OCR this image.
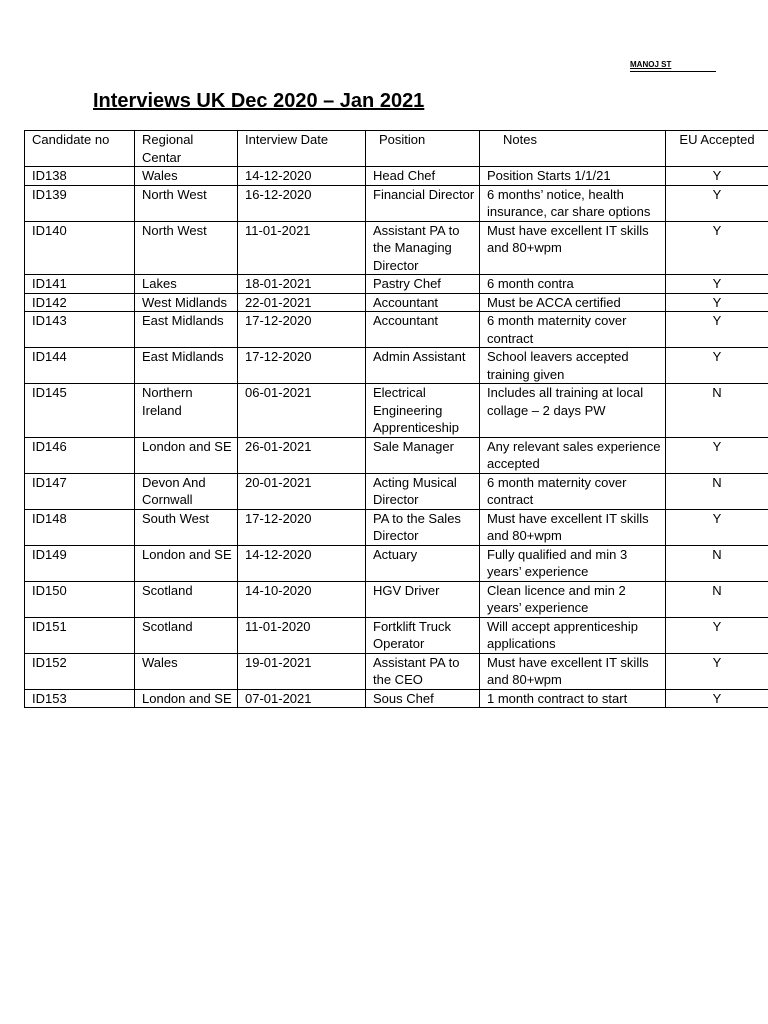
MANOJ ST
Interviews UK Dec 2020 – Jan 2021
Candidate no	Regional Centar	Interview Date	Position	Notes	EU Accepted
ID138	Wales	14-12-2020	Head Chef	Position Starts 1/1/21	Y
ID139	North West	16-12-2020	Financial Director	6 months’ notice, health insurance, car share options	Y
ID140	North West	11-01-2021	Assistant PA to the Managing Director	Must have excellent IT skills and 80+wpm	Y
ID141	Lakes	18-01-2021	Pastry Chef	6 month contra	Y
ID142	West Midlands	22-01-2021	Accountant	Must be ACCA certified	Y
ID143	East Midlands	17-12-2020	Accountant	6 month maternity cover contract	Y
ID144	East Midlands	17-12-2020	Admin Assistant	School leavers accepted training given	Y
ID145	Northern Ireland	06-01-2021	Electrical Engineering Apprenticeship	Includes all training at local collage – 2 days PW	N
ID146	London and SE	26-01-2021	Sale Manager	Any relevant sales experience accepted	Y
ID147	Devon And Cornwall	20-01-2021	Acting Musical Director	6 month maternity cover contract	N
ID148	South West	17-12-2020	PA to the Sales Director	Must have excellent IT skills and 80+wpm	Y
ID149	London and SE	14-12-2020	Actuary	Fully qualified and min 3 years’ experience	N
ID150	Scotland	14-10-2020	HGV Driver	Clean licence and min 2 years’ experience	N
ID151	Scotland	11-01-2020	Fortklift Truck Operator	Will accept apprenticeship applications	Y
ID152	Wales	19-01-2021	Assistant PA to the CEO	Must have excellent IT skills and 80+wpm	Y
ID153	London and SE	07-01-2021	Sous Chef	1 month contract to start	Y
